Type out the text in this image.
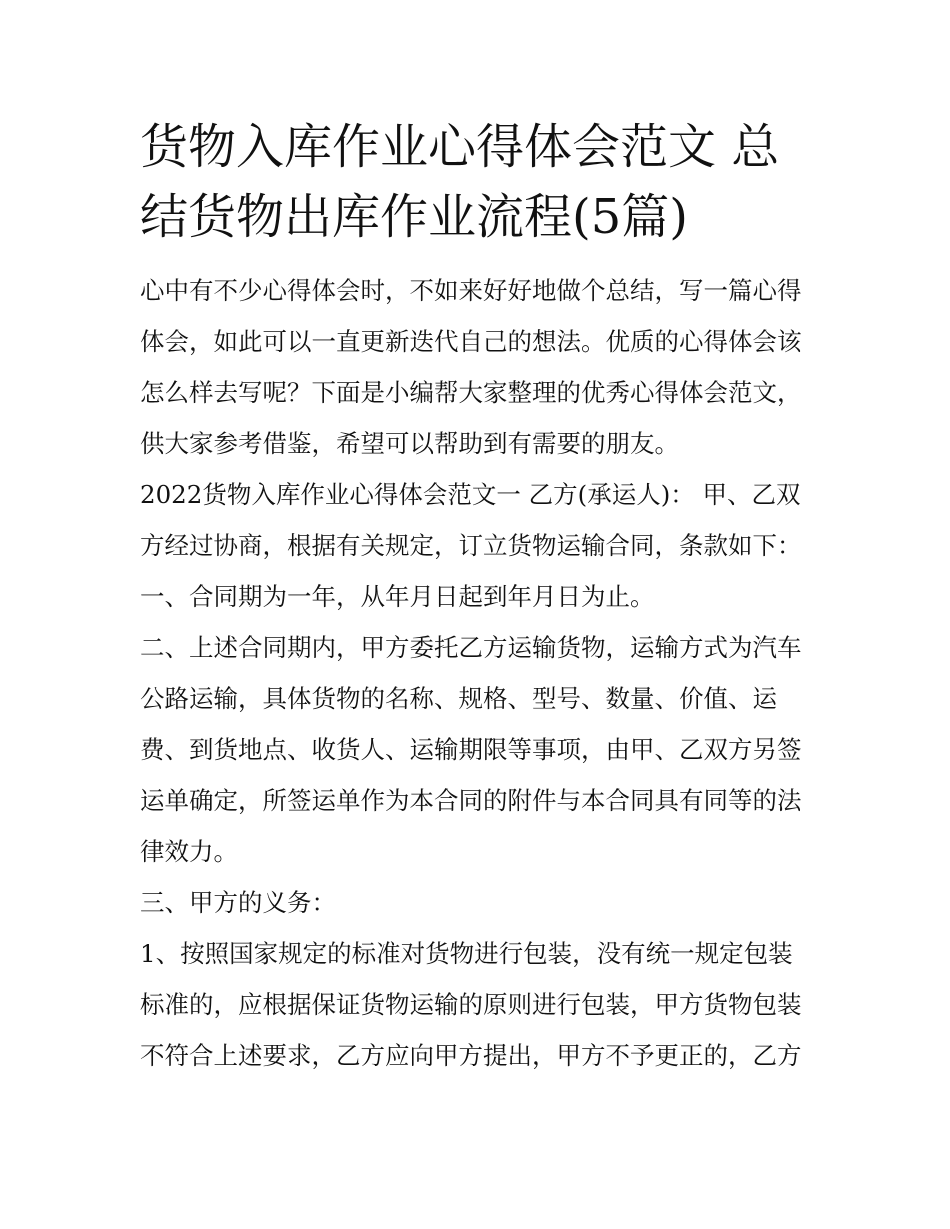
货物入库作业心得体会范文 总
结货物出库作业流程(5篇)
心中有不少心得体会时，不如来好好地做个总结，写一篇心得
体会，如此可以一直更新迭代自己的想法。优质的心得体会该
怎么样去写呢？下面是小编帮大家整理的优秀心得体会范文，
供大家参考借鉴，希望可以帮助到有需要的朋友。
2022货物入库作业心得体会范文一 乙方(承运人)： 甲、乙双
方经过协商，根据有关规定，订立货物运输合同，条款如下：
一、合同期为一年，从年月日起到年月日为止。
二、上述合同期内，甲方委托乙方运输货物，运输方式为汽车
公路运输，具体货物的名称、规格、型号、数量、价值、运
费、到货地点、收货人、运输期限等事项，由甲、乙双方另签
运单确定，所签运单作为本合同的附件与本合同具有同等的法
律效力。
三、甲方的义务：
1、按照国家规定的标准对货物进行包装，没有统一规定包装
标准的，应根据保证货物运输的原则进行包装，甲方货物包装
不符合上述要求，乙方应向甲方提出，甲方不予更正的，乙方
